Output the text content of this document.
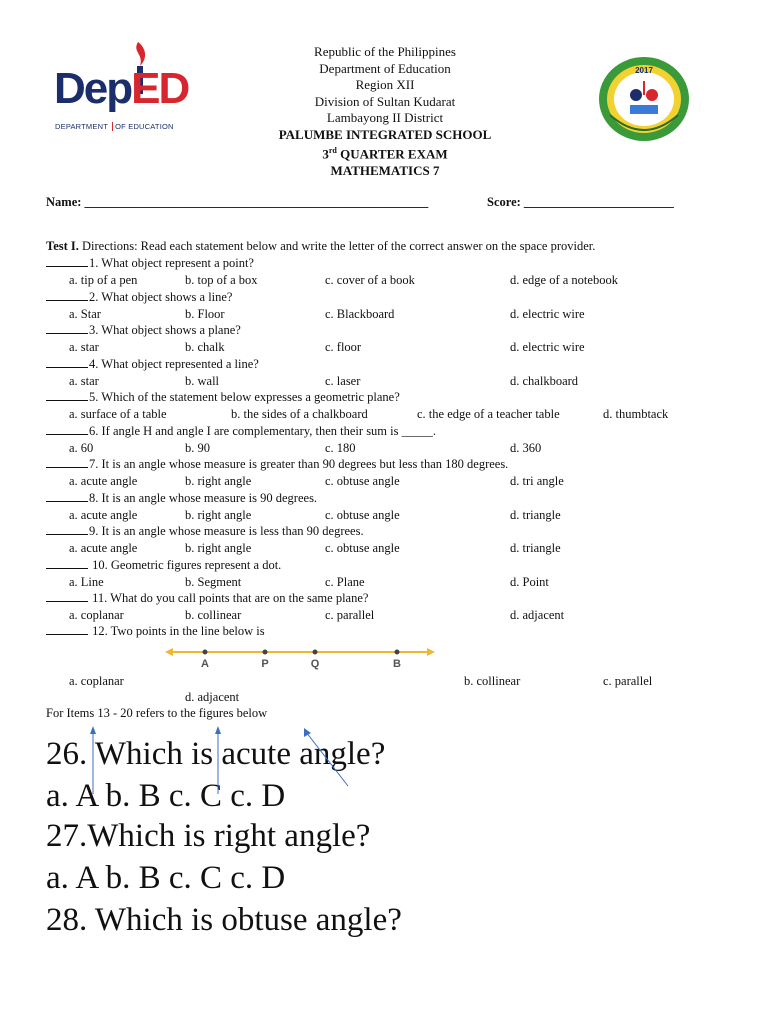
DepED
DEPARTMENT OF EDUCATION
2017
Republic of the Philippines
Department of Education
Region XII
Division of Sultan Kudarat
Lambayong II District
PALUMBE INTEGRATED SCHOOL
3rd QUARTER EXAM
MATHEMATICS 7
Name: _______________________________________________________	Score: ________________________
Test I. Directions: Read each statement below and write the letter of the correct answer on the space provider.
1. What object represent a point?
a. tip of a pen	b. top of a box	c. cover of a book	d. edge of a notebook
2. What object shows a line?
a. Star	b. Floor	c. Blackboard	d. electric wire
3. What object shows a plane?
a. star	b. chalk	c. floor	d. electric wire
4. What object represented a line?
a. star	b. wall	c. laser	d. chalkboard
5. Which of the statement below expresses a geometric plane?
a. surface of a table	b. the sides of a chalkboard	c. the edge of a teacher table	d. thumbtack
6. If angle H and angle I are complementary, then their sum is _____.
a. 60	b. 90	c. 180	d. 360
7. It is an angle whose measure is greater than 90 degrees but less than 180 degrees.
a. acute angle	b. right angle	c. obtuse angle	d. tri angle
8. It is an angle whose measure is 90 degrees.
a. acute angle	b. right angle	c. obtuse angle	d. triangle
9. It is an angle whose measure is less than 90 degrees.
a. acute angle	b. right angle	c. obtuse angle	d. triangle
10. Geometric figures represent a dot.
a. Line	b. Segment	c. Plane	d. Point
11. What do you call points that are on the same plane?
a. coplanar	b. collinear	c. parallel	d. adjacent
12. Two points in the line below is
A	P	Q	B
a. coplanar	b. collinear	c. parallel
d. adjacent
For Items 13 - 20 refers to the figures below
26. Which is acute angle?
a. A b. B c. C c. D
27.Which is right angle?
a. A b. B c. C c. D
28. Which is obtuse angle?
